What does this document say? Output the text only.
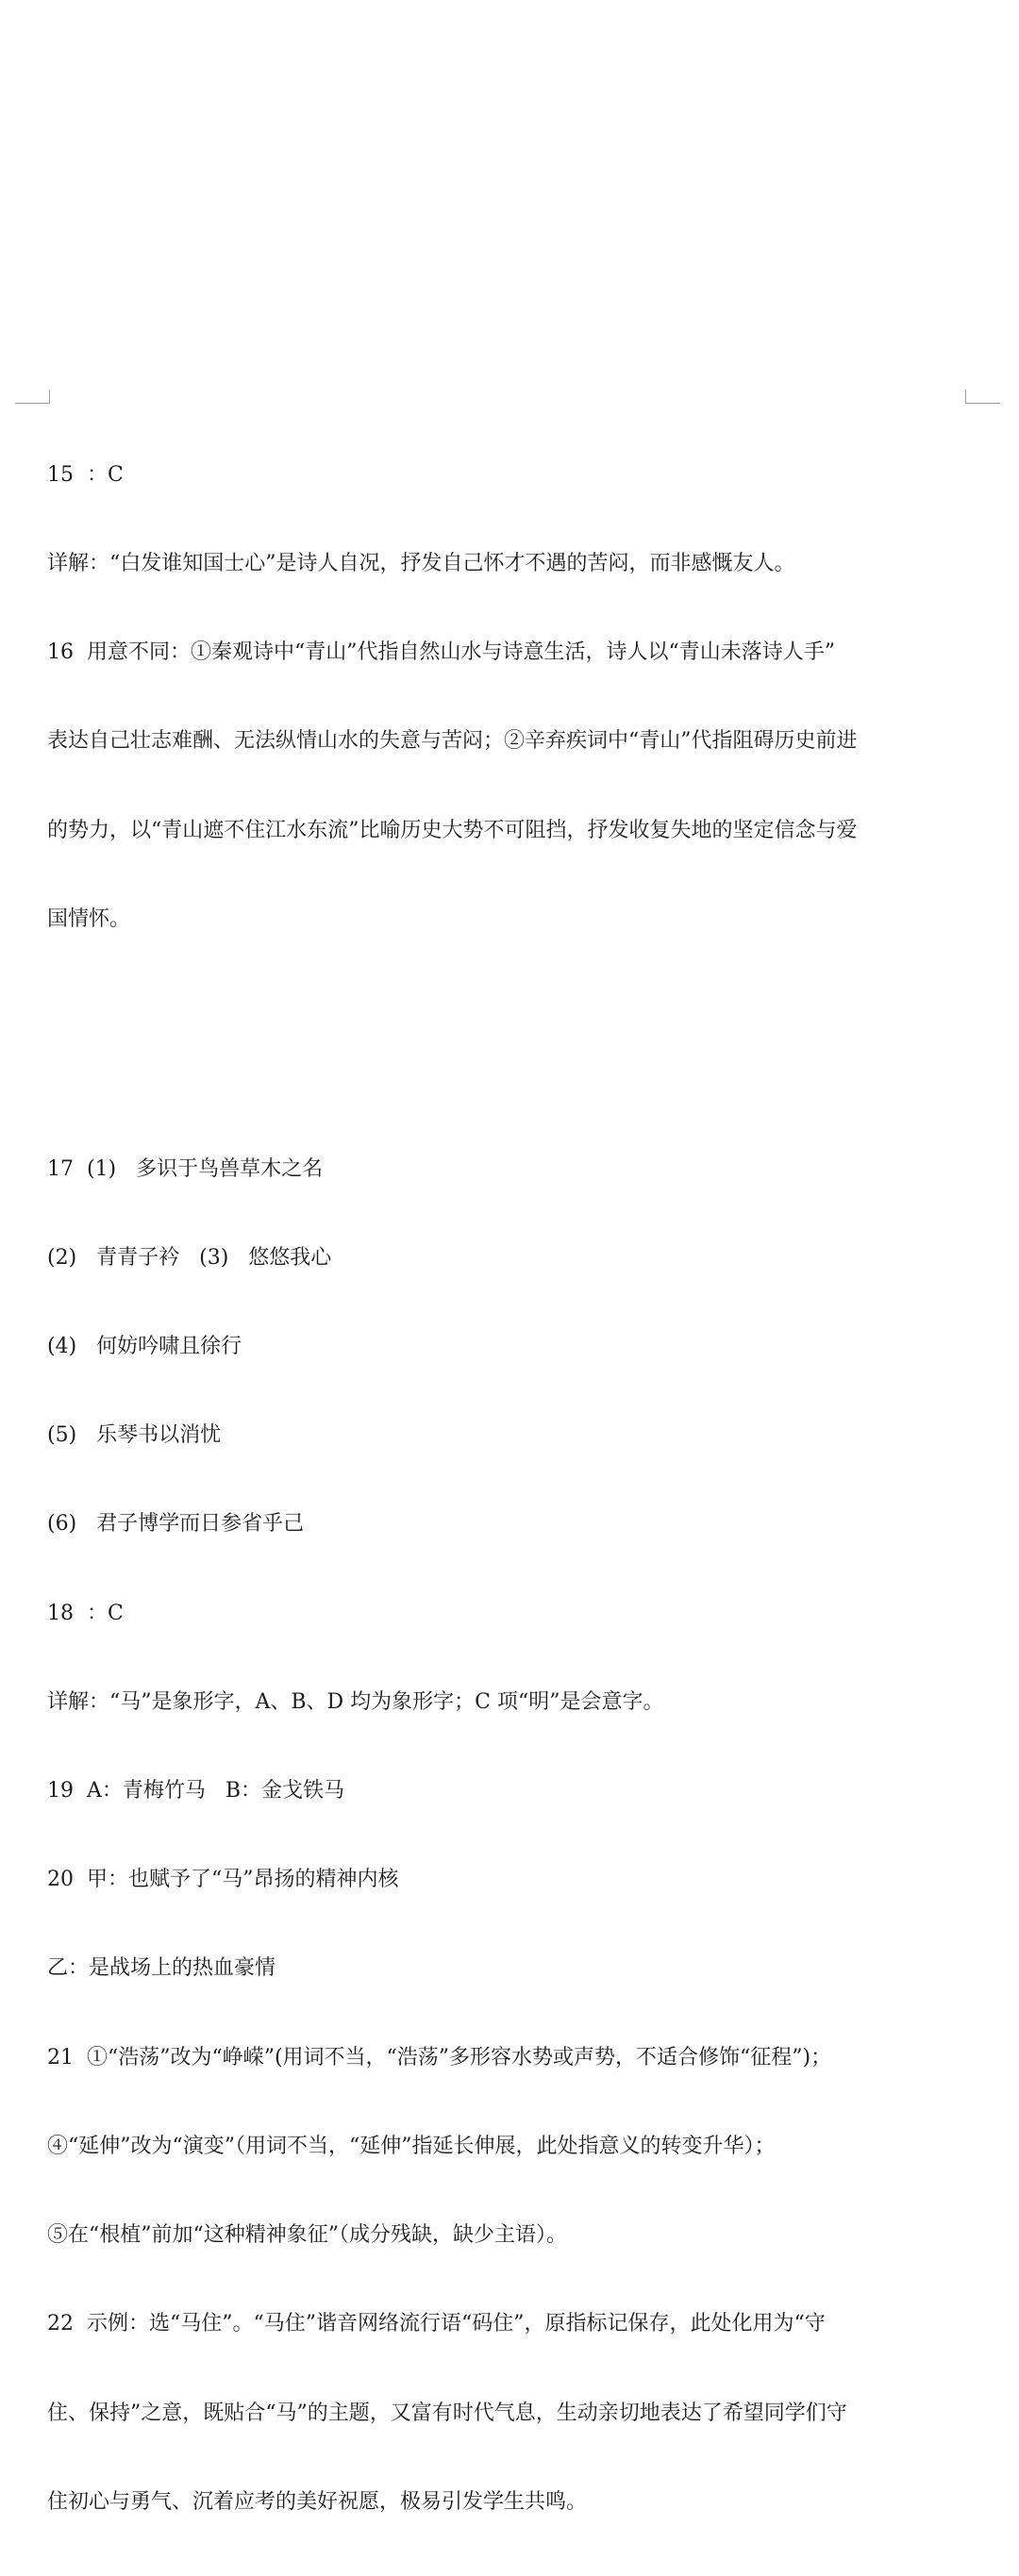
15  ：C

详解：“白发谁知国士心”是诗人自况，抒发自己怀才不遇的苦闷，而非感慨友人。

16  用意不同：①秦观诗中“青山”代指自然山水与诗意生活，诗人以“青山未落诗人手”

表达自己壮志难酬、无法纵情山水的失意与苦闷；②辛弃疾词中“青山”代指阻碍历史前进

的势力，以“青山遮不住江水东流”比喻历史大势不可阻挡，抒发收复失地的坚定信念与爱

国情怀。

17  (1)   多识于鸟兽草木之名

(2)   青青子衿   (3)   悠悠我心

(4)   何妨吟啸且徐行

(5)   乐琴书以消忧

(6)   君子博学而日参省乎己

18  ：C

详解：“马”是象形字，A、B、D 均为象形字；C 项“明”是会意字。

19  A：青梅竹马   B：金戈铁马

20  甲：也赋予了“马”昂扬的精神内核

乙：是战场上的热血豪情

21  ①“浩荡”改为“峥嵘”(用词不当，“浩荡”多形容水势或声势，不适合修饰“征程”)；

④“延伸”改为“演变”（用词不当，“延伸”指延长伸展，此处指意义的转变升华）；

⑤在“根植”前加“这种精神象征”（成分残缺，缺少主语）。

22  示例：选“马住”。“马住”谐音网络流行语“码住”，原指标记保存，此处化用为“守

住、保持”之意，既贴合“马”的主题，又富有时代气息，生动亲切地表达了希望同学们守

住初心与勇气、沉着应考的美好祝愿，极易引发学生共鸣。
